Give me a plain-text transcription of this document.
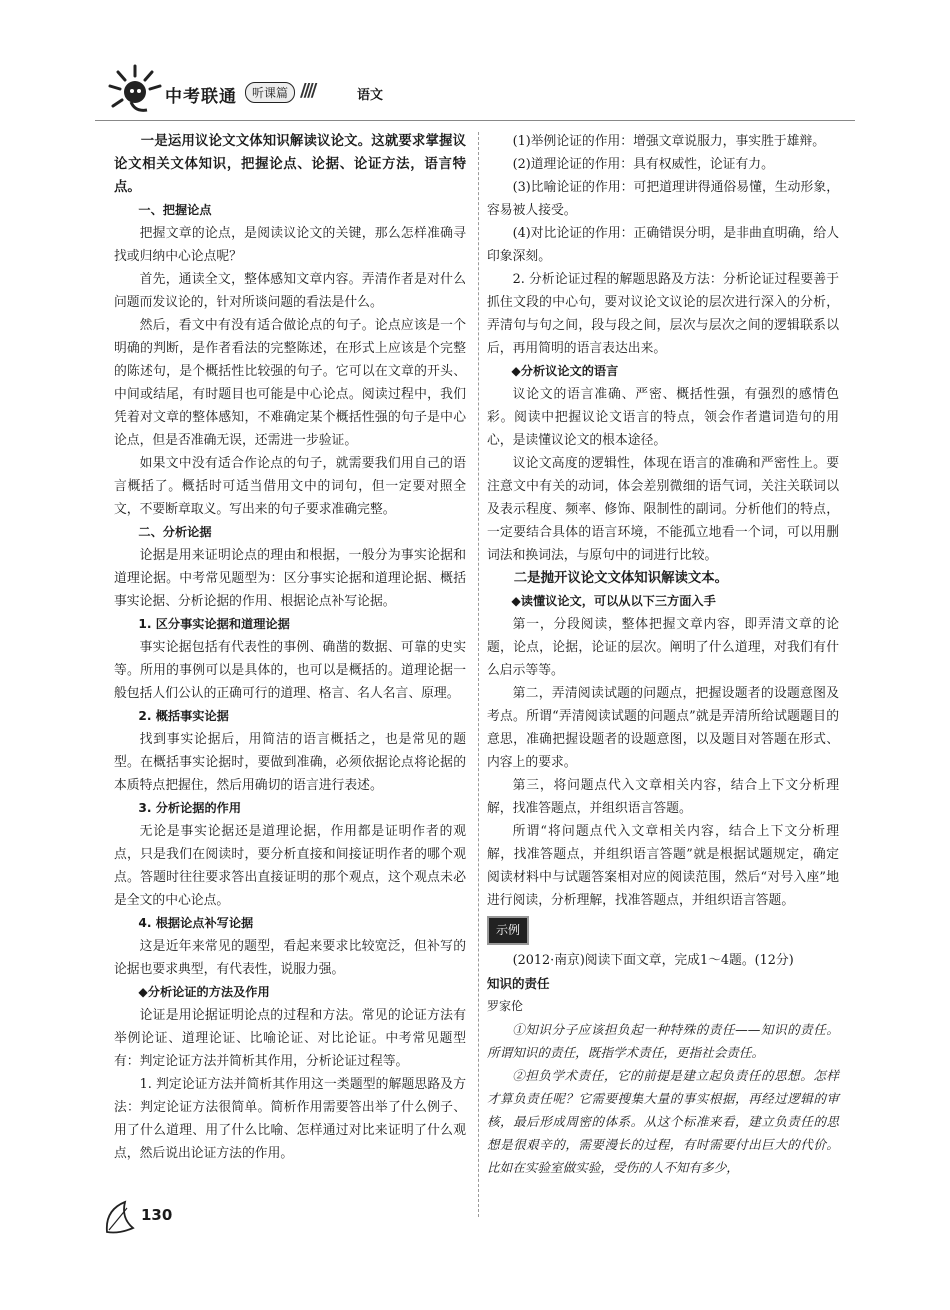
中考联通	听课篇 ////	语文

一是运用议论文文体知识解读议论文。这就要求掌握议论文相关文体知识，把握论点、论据、论证方法，语言特点。

一、把握论点

把握文章的论点，是阅读议论文的关键，那么怎样准确寻找或归纳中心论点呢？

首先，通读全文，整体感知文章内容。弄清作者是对什么问题而发议论的，针对所谈问题的看法是什么。

然后，看文中有没有适合做论点的句子。论点应该是一个明确的判断，是作者看法的完整陈述，在形式上应该是个完整的陈述句，是个概括性比较强的句子。它可以在文章的开头、中间或结尾，有时题目也可能是中心论点。阅读过程中，我们凭着对文章的整体感知，不难确定某个概括性强的句子是中心论点，但是否准确无误，还需进一步验证。

如果文中没有适合作论点的句子，就需要我们用自己的语言概括了。概括时可适当借用文中的词句，但一定要对照全文，不要断章取义。写出来的句子要求准确完整。

二、分析论据

论据是用来证明论点的理由和根据，一般分为事实论据和道理论据。中考常见题型为：区分事实论据和道理论据、概括事实论据、分析论据的作用、根据论点补写论据。

1. 区分事实论据和道理论据

事实论据包括有代表性的事例、确凿的数据、可靠的史实等。所用的事例可以是具体的，也可以是概括的。道理论据一般包括人们公认的正确可行的道理、格言、名人名言、原理。

2. 概括事实论据

找到事实论据后，用简洁的语言概括之，也是常见的题型。在概括事实论据时，要做到准确，必须依据论点将论据的本质特点把握住，然后用确切的语言进行表述。

3. 分析论据的作用

无论是事实论据还是道理论据，作用都是证明作者的观点，只是我们在阅读时，要分析直接和间接证明作者的哪个观点。答题时往往要求答出直接证明的那个观点，这个观点未必是全文的中心论点。

4. 根据论点补写论据

这是近年来常见的题型，看起来要求比较宽泛，但补写的论据也要求典型，有代表性，说服力强。

◆分析论证的方法及作用

论证是用论据证明论点的过程和方法。常见的论证方法有举例论证、道理论证、比喻论证、对比论证。中考常见题型有：判定论证方法并简析其作用，分析论证过程等。

1. 判定论证方法并简析其作用这一类题型的解题思路及方法：判定论证方法很简单。简析作用需要答出举了什么例子、用了什么道理、用了什么比喻、怎样通过对比来证明了什么观点，然后说出论证方法的作用。

(1)举例论证的作用：增强文章说服力，事实胜于雄辩。

(2)道理论证的作用：具有权威性，论证有力。

(3)比喻论证的作用：可把道理讲得通俗易懂，生动形象，容易被人接受。

(4)对比论证的作用：正确错误分明，是非曲直明确，给人印象深刻。

2. 分析论证过程的解题思路及方法：分析论证过程要善于抓住文段的中心句，要对议论文议论的层次进行深入的分析，弄清句与句之间，段与段之间，层次与层次之间的逻辑联系以后，再用简明的语言表达出来。

◆分析议论文的语言

议论文的语言准确、严密、概括性强，有强烈的感情色彩。阅读中把握议论文语言的特点，领会作者遣词造句的用心，是读懂议论文的根本途径。

议论文高度的逻辑性，体现在语言的准确和严密性上。要注意文中有关的动词，体会差别微细的语气词，关注关联词以及表示程度、频率、修饰、限制性的副词。分析他们的特点，一定要结合具体的语言环境，不能孤立地看一个词，可以用删词法和换词法，与原句中的词进行比较。

二是抛开议论文文体知识解读文本。

◆读懂议论文，可以从以下三方面入手

第一，分段阅读，整体把握文章内容，即弄清文章的论题，论点，论据，论证的层次。阐明了什么道理，对我们有什么启示等等。

第二，弄清阅读试题的问题点，把握设题者的设题意图及考点。所谓“弄清阅读试题的问题点”就是弄清所给试题题目的意思，准确把握设题者的设题意图，以及题目对答题在形式、内容上的要求。

第三，将问题点代入文章相关内容，结合上下文分析理解，找准答题点，并组织语言答题。

所谓“将问题点代入文章相关内容，结合上下文分析理解，找准答题点，并组织语言答题”就是根据试题规定，确定阅读材料中与试题答案相对应的阅读范围，然后“对号入座”地进行阅读，分析理解，找准答题点，并组织语言答题。

示例

(2012·南京)阅读下面文章，完成1～4题。(12分)

知识的责任

罗家伦

①知识分子应该担负起一种特殊的责任——知识的责任。所谓知识的责任，既指学术责任，更指社会责任。

②担负学术责任，它的前提是建立起负责任的思想。怎样才算负责任呢？它需要搜集大量的事实根据，再经过逻辑的审核，最后形成周密的体系。从这个标准来看，建立负责任的思想是很艰辛的，需要漫长的过程，有时需要付出巨大的代价。比如在实验室做实验，受伤的人不知有多少，

130
